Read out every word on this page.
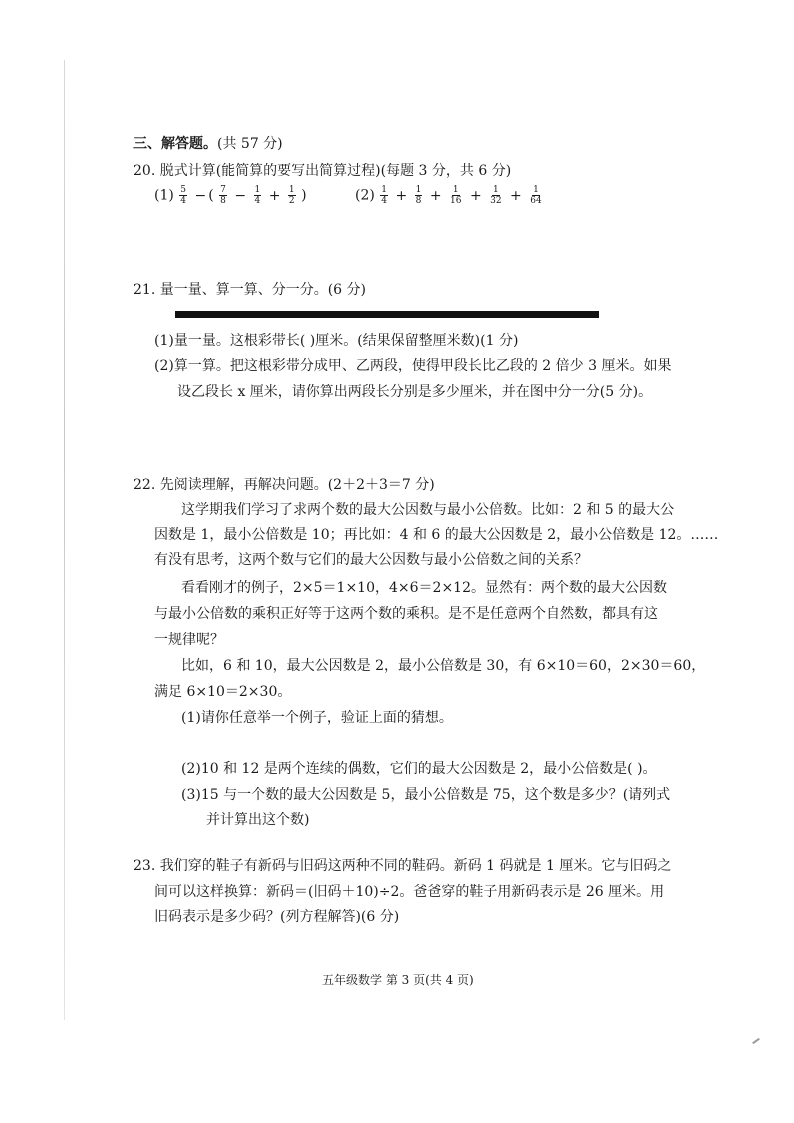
三、解答题。(共 57 分)
20. 脱式计算(能简算的要写出简算过程)(每题 3 分，共 6 分)
$(1) \frac{5}{4}$ − ( $\frac{7}{8} - \frac{1}{4} + \frac{1}{2}$ )	$(2) \frac{1}{4} + \frac{1}{8} + \frac{1}{16} + \frac{1}{32} + \frac{1}{64}$
21. 量一量、算一算、分一分。(6 分)
(1)量一量。这根彩带长( )厘米。(结果保留整厘米数)(1 分)
(2)算一算。把这根彩带分成甲、乙两段，使得甲段长比乙段的 2 倍少 3 厘米。如果
设乙段长 x 厘米，请你算出两段长分别是多少厘米，并在图中分一分(5 分)。
22. 先阅读理解，再解决问题。(2＋2＋3＝7 分)
这学期我们学习了求两个数的最大公因数与最小公倍数。比如：2 和 5 的最大公
因数是 1，最小公倍数是 10；再比如：4 和 6 的最大公因数是 2，最小公倍数是 12。……
有没有思考，这两个数与它们的最大公因数与最小公倍数之间的关系？
看看刚才的例子，2×5＝1×10，4×6＝2×12。显然有：两个数的最大公因数
与最小公倍数的乘积正好等于这两个数的乘积。是不是任意两个自然数，都具有这
一规律呢？
比如，6 和 10，最大公因数是 2，最小公倍数是 30，有 6×10＝60，2×30＝60，
满足 6×10＝2×30。
(1)请你任意举一个例子，验证上面的猜想。
(2)10 和 12 是两个连续的偶数，它们的最大公因数是 2，最小公倍数是( )。
(3)15 与一个数的最大公因数是 5，最小公倍数是 75，这个数是多少？(请列式
并计算出这个数)
23. 我们穿的鞋子有新码与旧码这两种不同的鞋码。新码 1 码就是 1 厘米。它与旧码之
间可以这样换算：新码＝(旧码＋10)÷2。爸爸穿的鞋子用新码表示是 26 厘米。用
旧码表示是多少码？(列方程解答)(6 分)
五年级数学 第 3 页(共 4 页)
